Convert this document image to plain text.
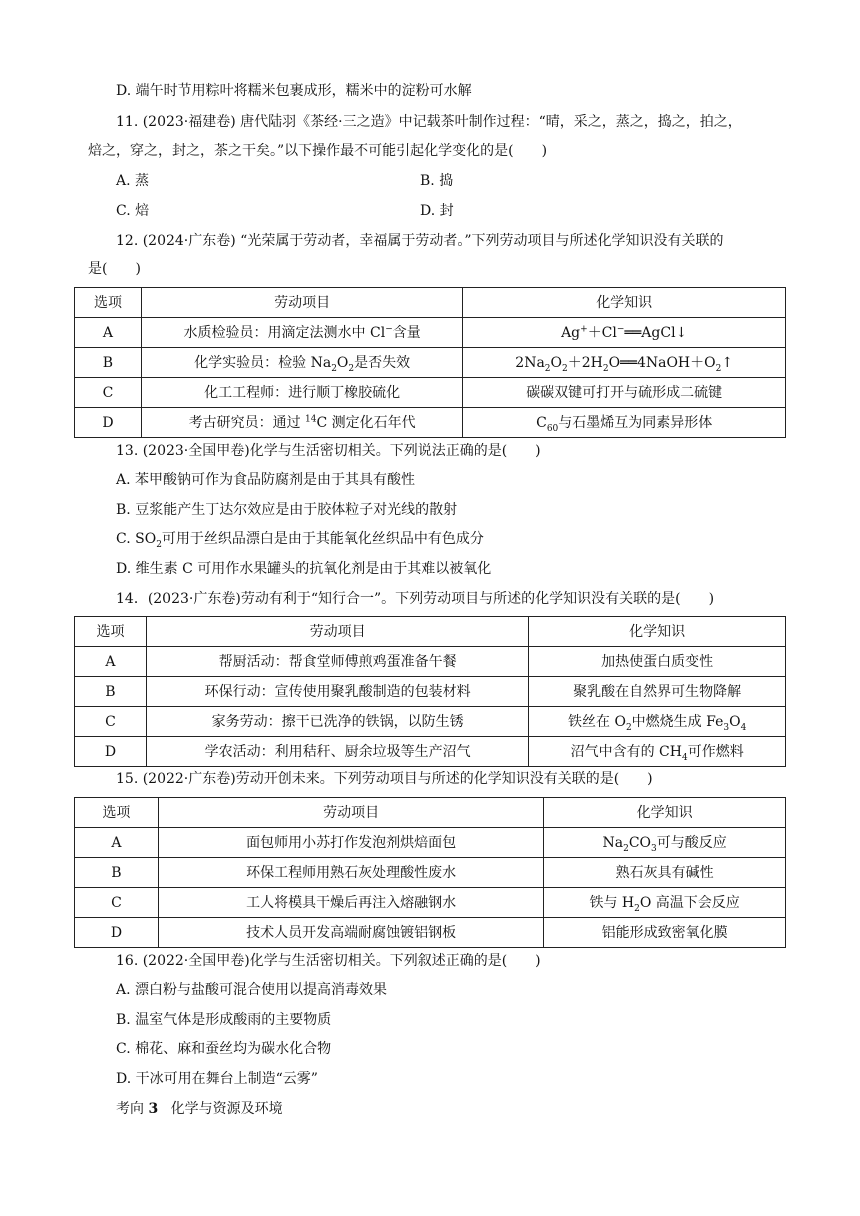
D. 端午时节用粽叶将糯米包裹成形，糯米中的淀粉可水解
11. (2023·福建卷) 唐代陆羽《茶经·三之造》中记载茶叶制作过程：“晴，采之，蒸之，捣之，拍之，
焙之，穿之，封之，茶之干矣。”以下操作最不可能引起化学变化的是(　　)
A. 蒸	B. 捣
C. 焙	D. 封
12. (2024·广东卷) “光荣属于劳动者，幸福属于劳动者。”下列劳动项目与所述化学知识没有关联的
是(　　)
选项	劳动项目	化学知识
A	水质检验员：用滴定法测水中 Cl−含量	Ag+＋Cl−══AgCl↓
B	化学实验员：检验 $Na_2O_2$是否失效	$2Na_2O_2+2H_2O══4NaOH+O_2↑$
C	化工工程师：进行顺丁橡胶硫化	碳碳双键可打开与硫形成二硫键
D	考古研究员：通过 $^{14}$C 测定化石年代	$C_{60}$与石墨烯互为同素异形体
13. (2023·全国甲卷)化学与生活密切相关。下列说法正确的是(　　)
A. 苯甲酸钠可作为食品防腐剂是由于其具有酸性
B. 豆浆能产生丁达尔效应是由于胶体粒子对光线的散射
C. $SO_2$可用于丝织品漂白是由于其能氧化丝织品中有色成分
D. 维生素 C 可用作水果罐头的抗氧化剂是由于其难以被氧化
14．(2023·广东卷)劳动有利于“知行合一”。下列劳动项目与所述的化学知识没有关联的是(　　)
选项	劳动项目	化学知识
A	帮厨活动：帮食堂师傅煎鸡蛋准备午餐	加热使蛋白质变性
B	环保行动：宣传使用聚乳酸制造的包装材料	聚乳酸在自然界可生物降解
C	家务劳动：擦干已洗净的铁锅，以防生锈	铁丝在 $O_2$中燃烧生成 $Fe_3O_4$
D	学农活动：利用秸秆、厨余垃圾等生产沼气	沼气中含有的 $CH_4$可作燃料
15. (2022·广东卷)劳动开创未来。下列劳动项目与所述的化学知识没有关联的是(　　)
选项	劳动项目	化学知识
A	面包师用小苏打作发泡剂烘焙面包	$Na_2CO_3$可与酸反应
B	环保工程师用熟石灰处理酸性废水	熟石灰具有碱性
C	工人将模具干燥后再注入熔融钢水	铁与 $H_2O$ 高温下会反应
D	技术人员开发高端耐腐蚀镀铝钢板	铝能形成致密氧化膜
16. (2022·全国甲卷)化学与生活密切相关。下列叙述正确的是(　　)
A. 漂白粉与盐酸可混合使用以提高消毒效果
B. 温室气体是形成酸雨的主要物质
C. 棉花、麻和蚕丝均为碳水化合物
D. 干冰可用在舞台上制造“云雾”
考向 3 化学与资源及环境
